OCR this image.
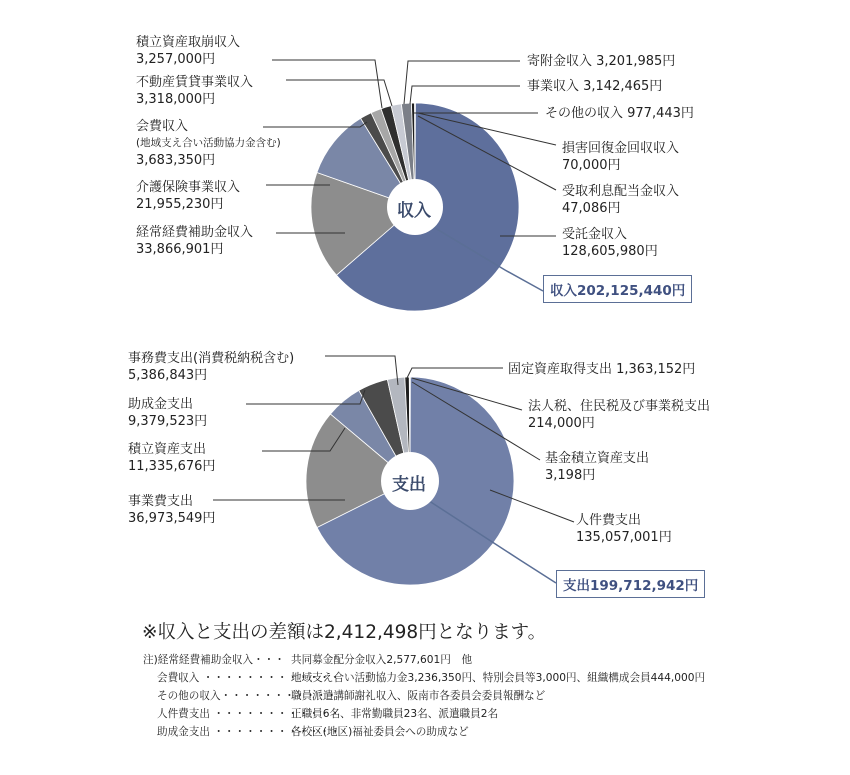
収入
積立資産取崩収入
3,257,000円
不動産賃貸事業収入
3,318,000円
会費収入
(地域支え合い活動協力金含む)
3,683,350円
介護保険事業収入
21,955,230円
経常経費補助金収入
33,866,901円
寄附金収入 3,201,985円
事業収入 3,142,465円
その他の収入 977,443円
損害回復金回収収入
70,000円
受取利息配当金収入
47,086円
受託金収入
128,605,980円
収入202,125,440円
支出
事務費支出(消費税納税含む)
5,386,843円
助成金支出
9,379,523円
積立資産支出
11,335,676円
事業費支出
36,973,549円
固定資産取得支出 1,363,152円
法人税、住民税及び事業税支出
214,000円
基金積立資産支出
3,198円
人件費支出
135,057,001円
支出199,712,942円
※収入と支出の差額は2,412,498円となります。
注)経常経費補助金収入・・・ 共同募金配分金収入2,577,601円　他
会費収入 ・・・・・・・・・・・・・
地域支え合い活動協力金3,236,350円、特別会員等3,000円、組織構成会員444,000円
その他の収入・・・・・・・・・・・
職員派遣講師謝礼収入、阪南市各委員会委員報酬など
人件費支出 ・・・・・・・・・・・・
正職員6名、非常勤職員23名、派遣職員2名
助成金支出 ・・・・・・・・・・・・
各校区(地区)福祉委員会への助成など
